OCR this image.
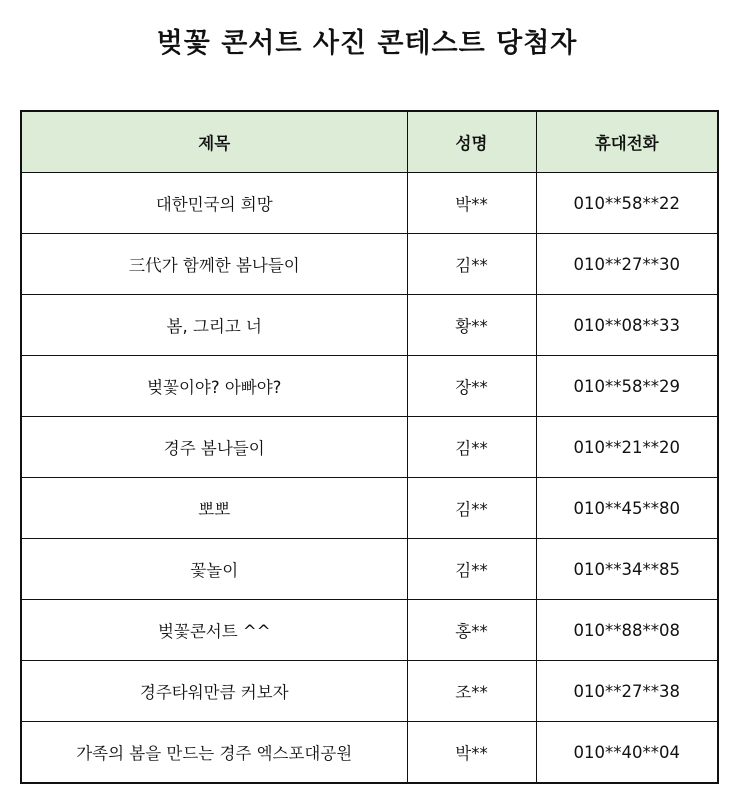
벚꽃 콘서트 사진 콘테스트 당첨자
제목	성명	휴대전화
대한민국의 희망	박**	010**58**22
三代가 함께한 봄나들이	김**	010**27**30
봄, 그리고 너	황**	010**08**33
벚꽃이야? 아빠야?	장**	010**58**29
경주 봄나들이	김**	010**21**20
뽀뽀	김**	010**45**80
꽃놀이	김**	010**34**85
벚꽃콘서트 ^^	홍**	010**88**08
경주타워만큼 커보자	조**	010**27**38
가족의 봄을 만드는 경주 엑스포대공원	박**	010**40**04
